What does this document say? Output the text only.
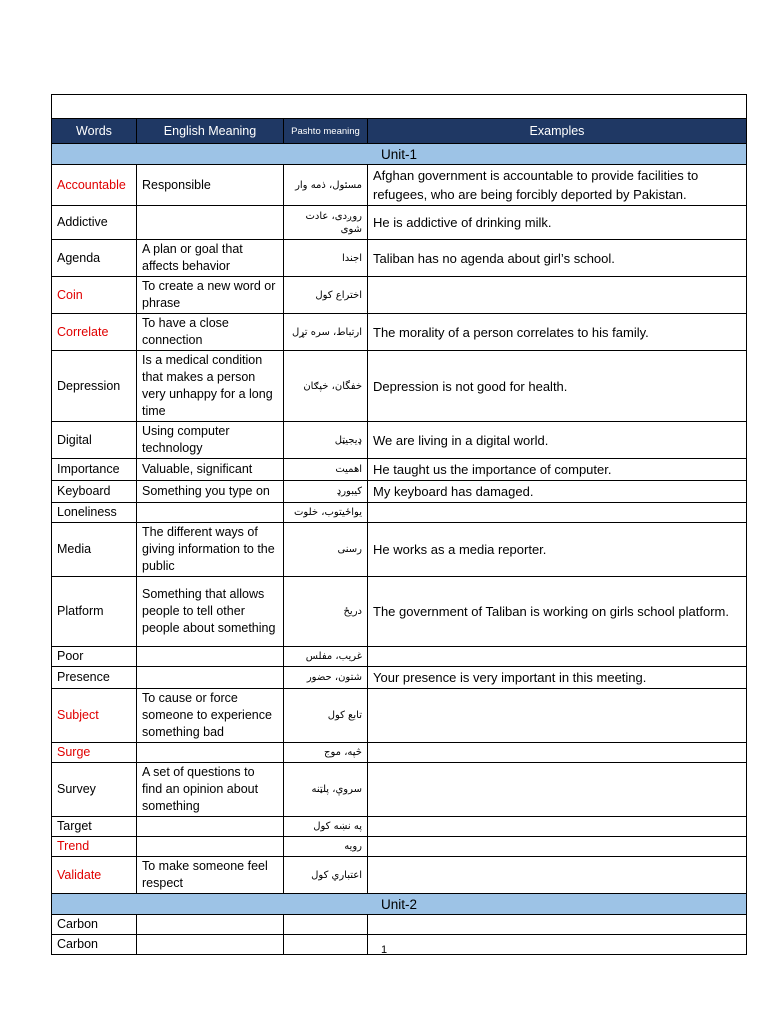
Words	English Meaning	Pashto meaning	Examples
Unit-1			
Accountable	Responsible	مسئول، ذمه وار	Afghan government is accountable to provide facilities to refugees, who are being forcibly deported by Pakistan.
Addictive		روږدی، عادت شوی	He is addictive of drinking milk.
Agenda	A plan or goal that affects behavior	اجندا	Taliban has no agenda about girl’s school.
Coin	To create a new word or phrase	اختراع کول	
Correlate	To have a close connection	ارتباط، سره تړل	The morality of a person correlates to his family.
Depression	Is a medical condition that makes a person very unhappy for a long time	خفگان، خپګان	Depression is not good for health.
Digital	Using computer technology	ډیجیټل	We are living in a digital world.
Importance	Valuable, significant	اهمیت	He taught us the importance of computer.
Keyboard	Something you type on	کیبورډ	My keyboard has damaged.
Loneliness		یواځیتوب، خلوت	
Media	The different ways of giving information to the public	رسنی	He works as a media reporter.
Platform	Something that allows people to tell other people about something	دریځ	The government of Taliban is working on girls school platform.
Poor		غریب، مفلس	
Presence		شتون، حضور	Your presence is very important in this meeting.
Subject	To cause or force someone to experience something bad	تابع کول	
Surge		څپه، موج	
Survey	A set of questions to find an opinion about something	سروې، پلټنه	
Target		په نښه کول	
Trend		رویه	
Validate	To make someone feel respect	اعتباري کول	
Unit-2			
Carbon			
Carbon				1
